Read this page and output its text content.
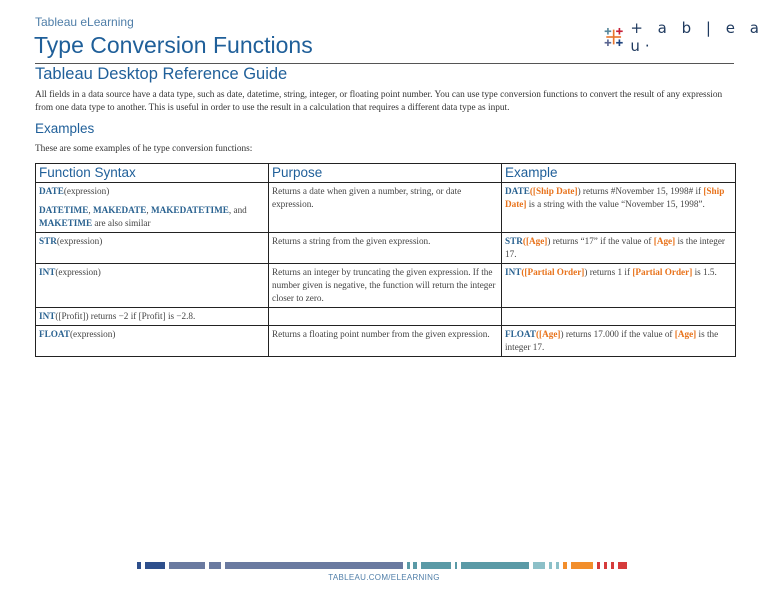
Tableau eLearning
Type Conversion Functions
+ a b | e a u·
Tableau Desktop Reference Guide
All fields in a data source have a data type, such as date, datetime, string, integer, or floating point number. You can use type conversion functions to convert the result of any expression from one data type to another. This is useful in order to use the result in a calculation that requires a different data type as input.
Examples
These are some examples of he type conversion functions:
Function Syntax	Purpose	Example
DATE(expression)
DATETIME, MAKEDATE, MAKEDATETIME, and MAKETIME are also similar	Returns a date when given a number, string, or date expression.	DATE([Ship Date]) returns #November 15, 1998# if [Ship Date] is a string with the value “November 15, 1998”.
STR(expression)	Returns a string from the given expression.	STR([Age]) returns “17” if the value of [Age] is the integer 17.
INT(expression)	Returns an integer by truncating the given expression. If the number given is negative, the function will return the integer closer to zero.	INT([Partial Order]) returns 1 if [Partial Order] is 1.5.
INT([Profit]) returns −2 if [Profit] is −2.8.		
FLOAT(expression)	Returns a floating point number from the given expression.	FLOAT([Age]) returns 17.000 if the value of [Age] is the integer 17.
TABLEAU.COM/ELEARNING
